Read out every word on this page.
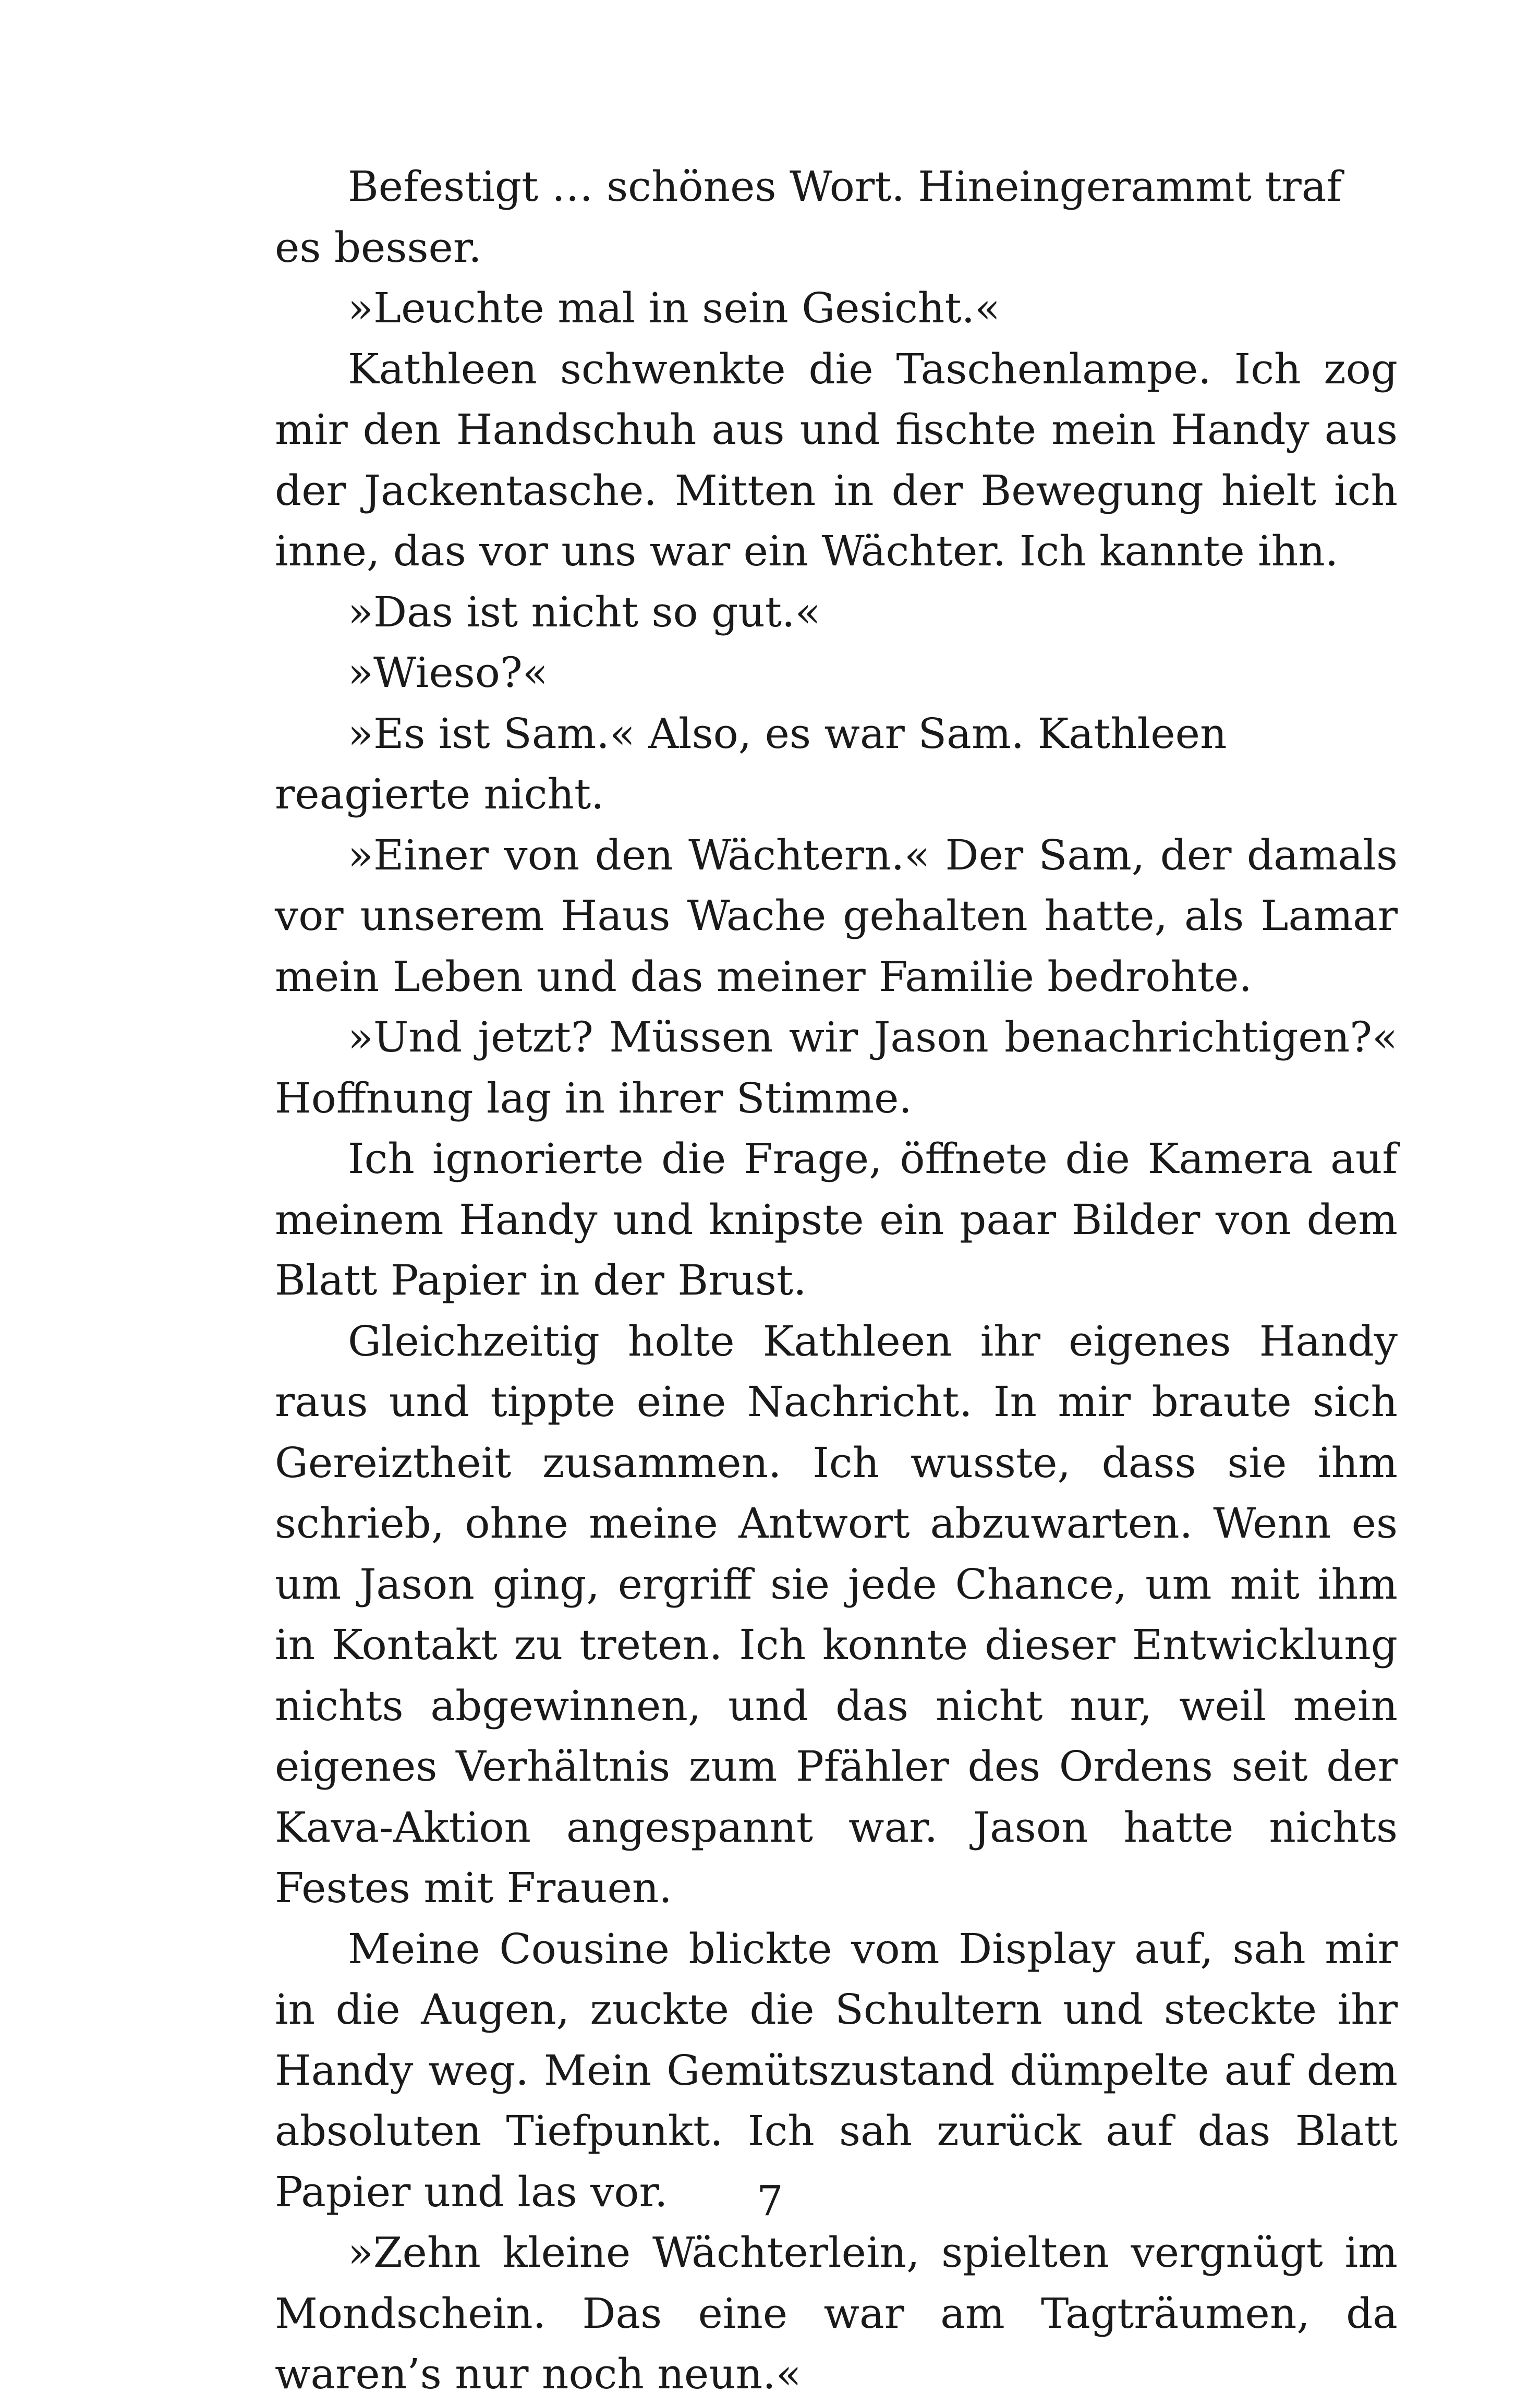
Befestigt … schönes Wort. Hineingerammt traf es besser.

»Leuchte mal in sein Gesicht.«

Kathleen schwenkte die Taschenlampe. Ich zog mir den Handschuh aus und fischte mein Handy aus der Jackentasche. Mitten in der Bewegung hielt ich inne, das vor uns war ein Wächter. Ich kannte ihn.

»Das ist nicht so gut.«

»Wieso?«

»Es ist Sam.« Also, es war Sam. Kathleen reagierte nicht.

»Einer von den Wächtern.« Der Sam, der damals vor unserem Haus Wache gehalten hatte, als Lamar mein Leben und das meiner Familie bedrohte.

»Und jetzt? Müssen wir Jason benachrichtigen?« Hoffnung lag in ihrer Stimme.

Ich ignorierte die Frage, öffnete die Kamera auf meinem Handy und knipste ein paar Bilder von dem Blatt Papier in der Brust.

Gleichzeitig holte Kathleen ihr eigenes Handy raus und tippte eine Nachricht. In mir braute sich Gereiztheit zusammen. Ich wusste, dass sie ihm schrieb, ohne meine Antwort abzuwarten. Wenn es um Jason ging, ergriff sie jede Chance, um mit ihm in Kontakt zu treten. Ich konnte dieser Entwicklung nichts abgewinnen, und das nicht nur, weil mein eigenes Verhältnis zum Pfähler des Ordens seit der Kava-Aktion angespannt war. Jason hatte nichts Festes mit Frauen.

Meine Cousine blickte vom Display auf, sah mir in die Augen, zuckte die Schultern und steckte ihr Handy weg. Mein Gemütszustand dümpelte auf dem absoluten Tiefpunkt. Ich sah zurück auf das Blatt Papier und las vor.

»Zehn kleine Wächterlein, spielten vergnügt im Mondschein. Das eine war am Tagträumen, da waren’s nur noch neun.«

7
